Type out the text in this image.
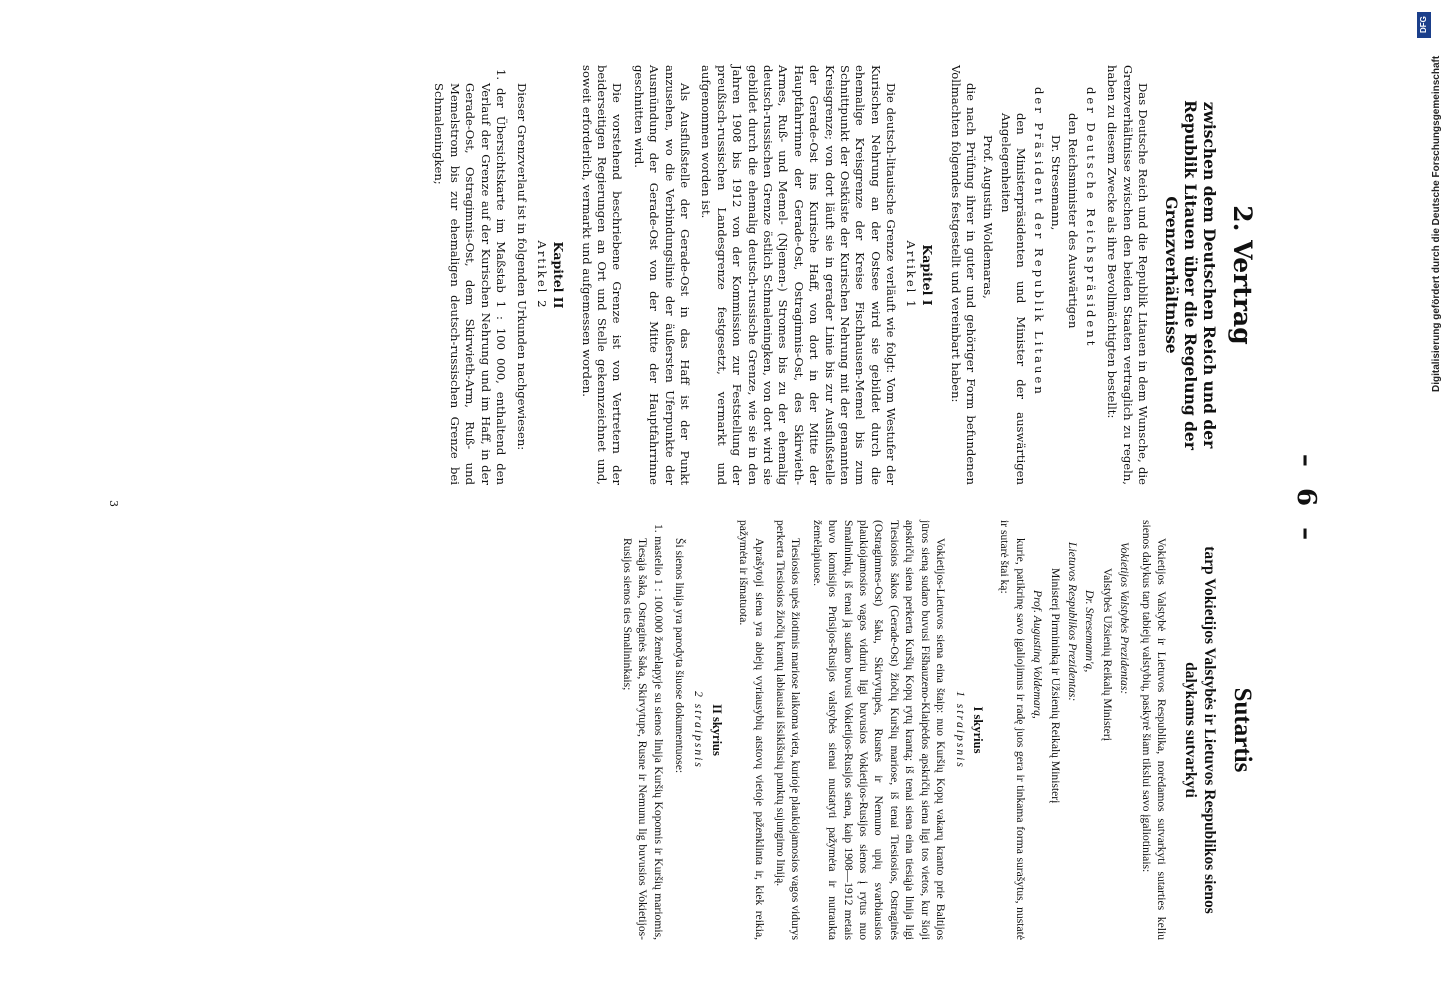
– 6 –
2. Vertrag
zwischen dem Deutschen Reich und der Republik Litauen über die Regelung der Grenzverhältnisse

Das Deutsche Reich und die Republik Litauen in dem Wunsche, die Grenzverhältnisse zwischen den beiden Staaten vertraglich zu regeln, haben zu diesem Zwecke als ihre Bevollmächtigten bestellt:

der Deutsche Reichspräsident

den Reichsminister des Auswärtigen

Dr. Stresemann,

der Präsident der Republik Litauen

den Ministerpräsidenten und Minister der auswärtigen Angelegenheiten

Prof. Augustin Woldemaras,

die nach Prüfung ihrer in guter und gehöriger Form befundenen Vollmachten folgendes festgestellt und vereinbart haben:

Kapitel I
Artikel 1

Die deutsch-litauische Grenze verläuft wie folgt: Vom Westufer der Kurischen Nehrung an der Ostsee wird sie gebildet durch die ehemalige Kreisgrenze der Kreise Fischhausen-Memel bis zum Schnittpunkt der Ostküste der Kurischen Nehrung mit der genannten Kreisgrenze; von dort läuft sie in gerader Linie bis zur Ausflußstelle der Gerade-Ost ins Kurische Haff, von dort in der Mitte der Hauptfahrrinne der Gerade-Ost, Ostragimnis-Ost, des Skirwieth-Armes, Ruß- und Memel- (Njemen-) Stromes bis zu der ehemalig deutsch-russischen Grenze östlich Schmaleningken, von dort wird sie gebildet durch die ehemalig deutsch-russische Grenze, wie sie in den Jahren 1908 bis 1912 von der Kommission zur Feststellung der preußisch-russischen Landesgrenze festgesetzt, vermarkt und aufgenommen worden ist.

Als Ausflußstelle der Gerade-Ost in das Haff ist der Punkt anzusehen, wo die Verbindungslinie der äußersten Uferpunkte der Ausmündung der Gerade-Ost von der Mitte der Hauptfahrrinne geschnitten wird.

Die vorstehend beschriebene Grenze ist von Vertretern der beiderseitigen Regierungen an Ort und Stelle gekennzeichnet und, soweit erforderlich, vermarkt und aufgemessen worden.

Kapitel II
Artikel 2

Dieser Grenzverlauf ist in folgenden Urkunden nachgewiesen:

1. der Übersichtskarte im Maßstab 1 : 100 000, enthaltend den Verlauf der Grenze auf der Kurischen Nehrung und im Haff, in der Gerade-Ost, Ostragimnis-Ost, dem Skirwieth-Arm, Ruß- und Memelstrom bis zur ehemaligen deutsch-russischen Grenze bei Schmaleningken;

Sutartis
tarp Vokietijos Valstybės ir Lietuvos Respublikos sienos dalykams sutvarkyti

Vokietijos Valstybė ir Lietuvos Respublika, norėdamos sutvarkyti sutarties keliu sienos dalykus tarp tabiejų valstybių, paskyrė šiam tikslui savo įgaliotiniais:

Vokietijos Valstybės Prezidentas:

Valstybės Užsienių Reikalų Ministerį

Dr. Stresemann'ą,

Lietuvos Respublikos Prezidentas:

Ministerį Pirmininką ir Užsienių Reikalų Ministerį

Prof. Augustiną Voldemarą,

kurie, patikrinę savo įgaliojimus ir radę juos gera ir tinkama forma surašytus, nustatė ir sutarė štai ką:

I skyrius
1 straipsnis

Vokietijos-Lietuvos siena eina štaip: nuo Kuršių Kopų vakarų kranto prie Baltijos jūros sieną sudaro buvusi Fišhauzeno-Klaipėdos apskričių siena ligi tos vietos, kur šioji apskričių siena perkerta Kuršių Kopų rytų krantą; iš tenai siena eina tiesiąja linija ligi Tiesiosios šakos (Gerade-Ost) žiočių Kuršių mariose, iš tenai Tiesiosios, Ostraginės (Ostragimnes-Ost) šaku, Skirvytupės, Rusnės ir Nemuno upių svarbiausios plaukiojamosios vagos viduriu ligi buvusios Vokietijos-Rusijos sienos į rytus nuo Smalininkų, iš tenai ją sudaro buvusi Vokietijos-Rusijos siena, kaip 1908—1912 metais buvo komisijos Prūsijos-Rusijos valstybės sienai nustatyti pažymėta ir nutraukta žemėlapiuose.

Tiesiosios upės žiotimis mariose laikoma vieta, kurioje plaukiojamosios vagos vidurys perkerta Tiesiosios žiočių krantų labiausiai išsikišusių punktų sujungimo liniją.

Aprašytoji siena yra abiejų vyriausybių atstovų vietoje paženklinta ir, kiek reikia, pažymėta ir išmatuota.

II skyrius
2 straipsnis

Ši sienos linija yra parodyta šiuose dokumentuose:

1. mastelio 1 : 100.000 žemėlapyje su sienos linija Kuršių Kopomis ir Kuršių mariomis, Tiesąja šaka, Ostraginės šaka, Skirvytupe, Rusne ir Nemunu lig buvusios Vokietijos-Rusijos sienos ties Smalininkais;

3
DFG
Digitalisierung gefördert durch die Deutsche Forschungsgemeinschaft
